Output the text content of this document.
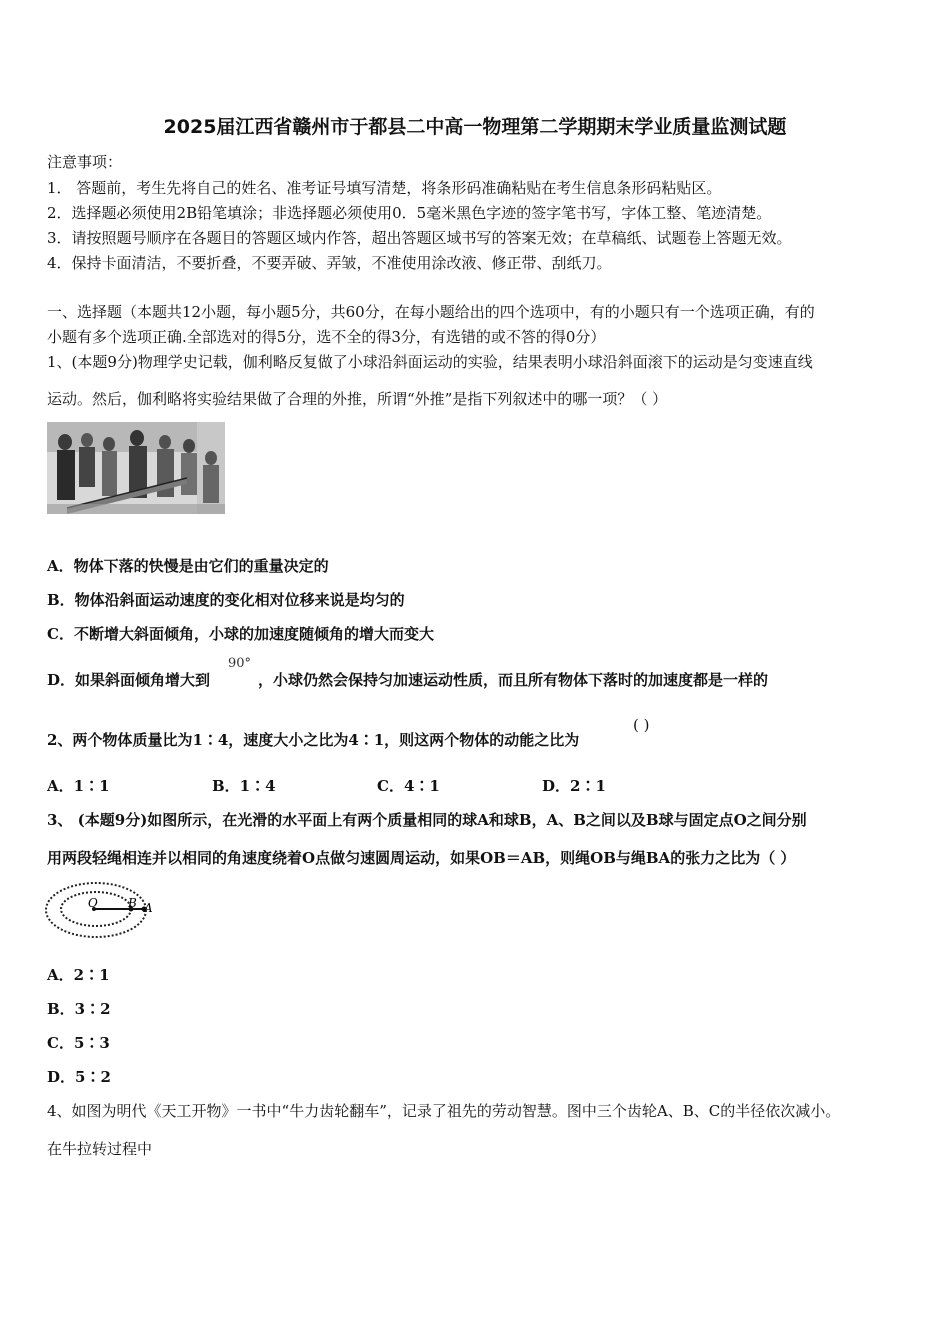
2025届江西省赣州市于都县二中高一物理第二学期期末学业质量监测试题
注意事项：
1． 答题前，考生先将自己的姓名、准考证号填写清楚，将条形码准确粘贴在考生信息条形码粘贴区。
2．选择题必须使用2B铅笔填涂；非选择题必须使用0．5毫米黑色字迹的签字笔书写，字体工整、笔迹清楚。
3．请按照题号顺序在各题目的答题区域内作答，超出答题区域书写的答案无效；在草稿纸、试题卷上答题无效。
4．保持卡面清洁，不要折叠，不要弄破、弄皱，不准使用涂改液、修正带、刮纸刀。
一、选择题（本题共12小题，每小题5分，共60分，在每小题给出的四个选项中，有的小题只有一个选项正确，有的
小题有多个选项正确.全部选对的得5分，选不全的得3分，有选错的或不答的得0分）
1、(本题9分)物理学史记载，伽利略反复做了小球沿斜面运动的实验，结果表明小球沿斜面滚下的运动是匀变速直线
运动。然后，伽利略将实验结果做了合理的外推，所谓“外推”是指下列叙述中的哪一项？（ ）
A．物体下落的快慢是由它们的重量决定的
B．物体沿斜面运动速度的变化相对位移来说是均匀的
C．不断增大斜面倾角，小球的加速度随倾角的增大而变大
D．如果斜面倾角增大到
90°
，小球仍然会保持匀加速运动性质，而且所有物体下落时的加速度都是一样的
2、两个物体质量比为1∶4，速度大小之比为4∶1，则这两个物体的动能之比为
( )
A．1∶1	B．1∶4	C．4∶1	D．2∶1
3、 (本题9分)如图所示，在光滑的水平面上有两个质量相同的球A和球B，A、B之间以及B球与固定点O之间分别
用两段轻绳相连并以相同的角速度绕着O点做匀速圆周运动，如果OB＝AB，则绳OB与绳BA的张力之比为（ ）
O	B A
A．2∶1
B．3∶2
C．5∶3
D．5∶2
4、如图为明代《天工开物》一书中“牛力齿轮翻车”，记录了祖先的劳动智慧。图中三个齿轮A、B、C的半径依次减小。
在牛拉转过程中
